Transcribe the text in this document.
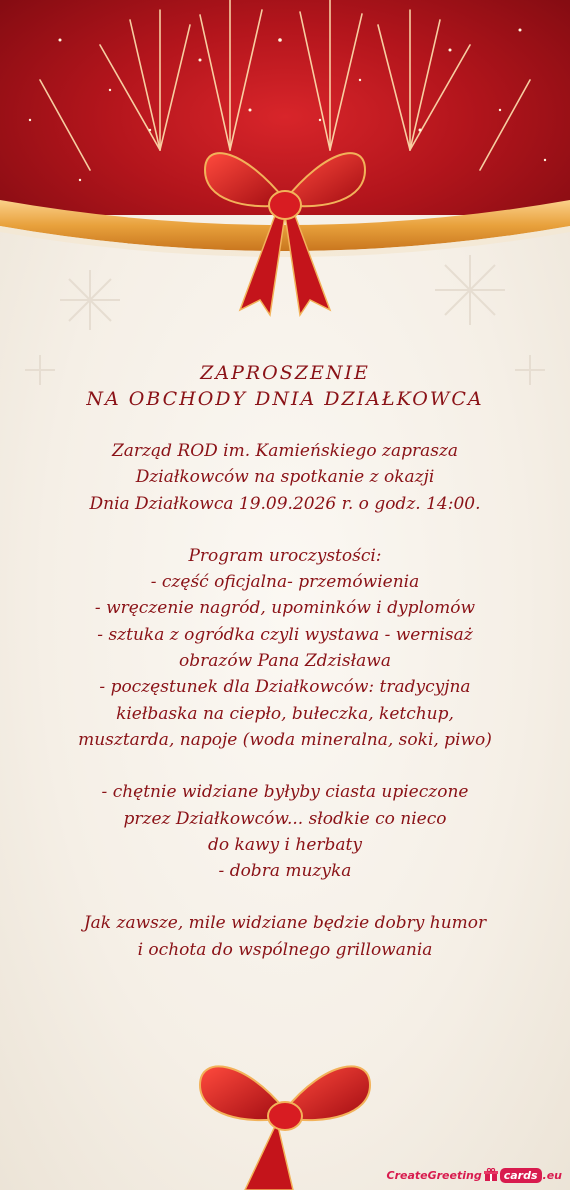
ZAPROSZENIE
NA OBCHODY DNIA DZIAŁKOWCA
Zarząd ROD im. Kamieńskiego zaprasza
Działkowców na spotkanie z okazji
Dnia Działkowca 19.09.2026 r. o godz. 14:00.
Program uroczystości:
- część oficjalna- przemówienia
- wręczenie nagród, upominków i dyplomów
- sztuka z ogródka czyli wystawa - wernisaż
obrazów Pana Zdzisława
- poczęstunek dla Działkowców: tradycyjna
kiełbaska na ciepło, bułeczka, ketchup,
musztarda, napoje (woda mineralna, soki, piwo)
- chętnie widziane byłyby ciasta upieczone
przez Działkowców... słodkie co nieco
do kawy i herbaty
- dobra muzyka
Jak zawsze, mile widziane będzie dobry humor
i ochota do wspólnego grillowania
CreateGreeting	cards .eu
